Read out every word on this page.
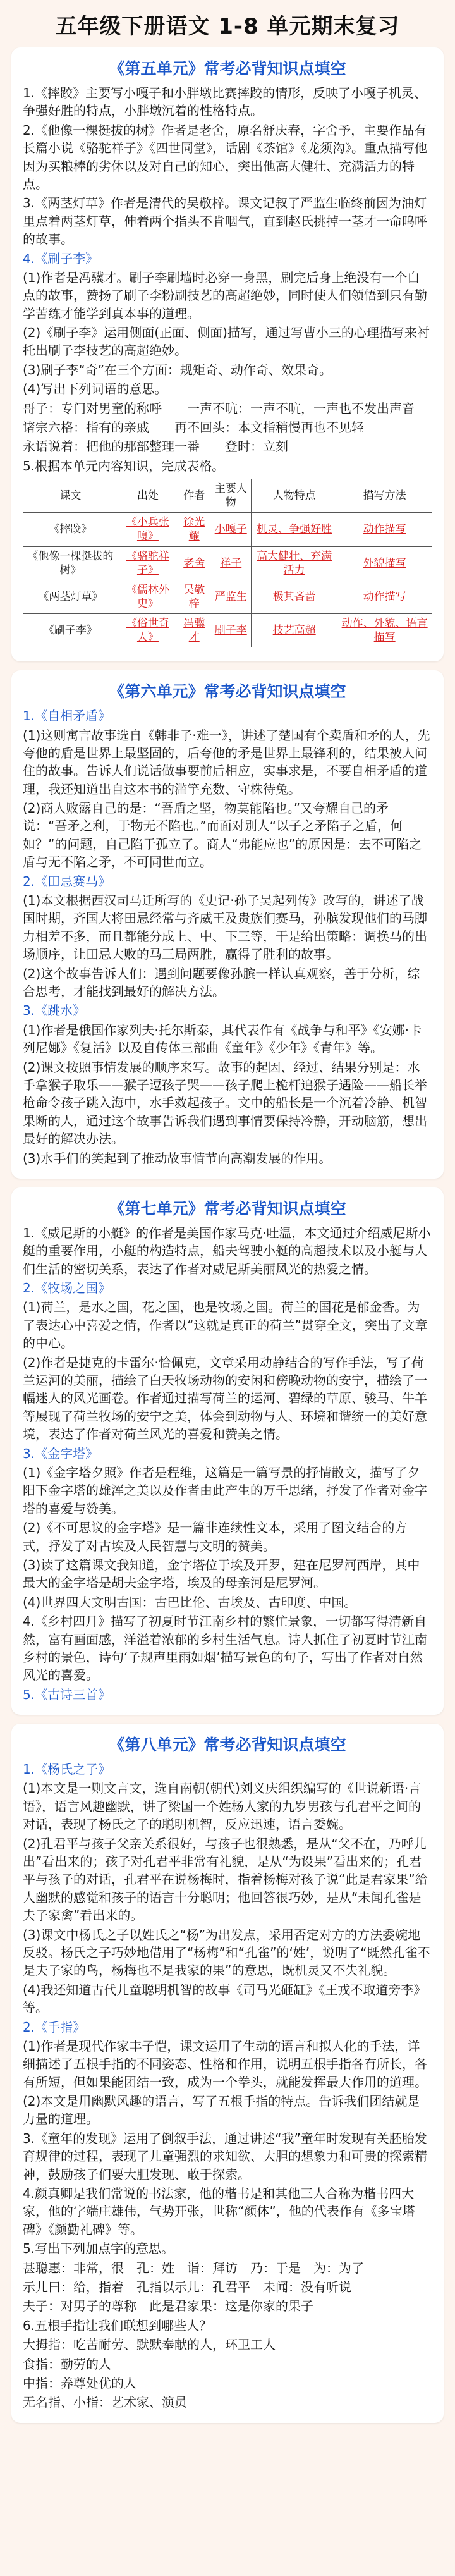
五年级下册语文 1-8 单元期末复习
《第五单元》常考必背知识点填空
1.《摔跤》主要写小嘎子和小胖墩比赛摔跤的情形，反映了小嘎子机灵、争强好胜的特点，小胖墩沉着的性格特点。
2.《他像一棵挺拔的树》作者是老舍，原名舒庆春，字舍予，主要作品有长篇小说《骆驼祥子》《四世同堂》，话剧《茶馆》《龙须沟》。重点描写他因为买粮棒的劣休以及对自己的知心，突出他高大健壮、充满活力的特点。
3.《两茎灯草》作者是清代的吴敬梓。课文记叙了严监生临终前因为油灯里点着两茎灯草，伸着两个指头不肯咽气，直到赵氏挑掉一茎才一命呜呼的故事。
4.《刷子李》
(1)作者是冯骥才。刷子李刷墙时必穿一身黑，刷完后身上绝没有一个白点的故事，赞扬了刷子李粉刷技艺的高超绝妙，同时使人们领悟到只有勤学苦练才能学到真本事的道理。
(2)《刷子李》运用侧面(正面、侧面)描写，通过写曹小三的心理描写来衬托出刷子李技艺的高超绝妙。
(3)刷子李“奇”在三个方面：规矩奇、动作奇、效果奇。
(4)写出下列词语的意思。
哥子：专门对男童的称呼　　一声不吭：一声不吭，一声也不发出声音
诸宗六格：指有的亲戚　　再不回头：本文指稍慢再也不见轻
永语说着：把他的那部整理一番　　登时：立刻
5.根据本单元内容知识，完成表格。
课文	出处	作者	主要人物	人物特点	描写方法
《摔跤》	《小兵张嘎》	徐光耀	小嘎子	机灵、争强好胜	动作描写
《他像一棵挺拔的树》	《骆驼祥子》	老舍	祥子	高大健壮、充满活力	外貌描写
《两茎灯草》	《儒林外史》	吴敬梓	严监生	极其吝啬	动作描写
《刷子李》	《俗世奇人》	冯骥才	刷子李	技艺高超	动作、外貌、语言描写
《第六单元》常考必背知识点填空
1.《自相矛盾》
(1)这则寓言故事选自《韩非子·难一》，讲述了楚国有个卖盾和矛的人，先夸他的盾是世界上最坚固的，后夸他的矛是世界上最锋利的，结果被人问住的故事。告诉人们说话做事要前后相应，实事求是，不要自相矛盾的道理，我还知道出自这本书的滥竽充数、守株待兔。
(2)商人败露自己的是：“吾盾之坚，物莫能陷也。”又夸耀自己的矛说：“吾矛之利，于物无不陷也。”而面对别人“以子之矛陷子之盾，何如？”的问题，自己陷于孤立了。商人“弗能应也”的原因是：去不可陷之盾与无不陷之矛，不可同世而立。
2.《田忌赛马》
(1)本文根据西汉司马迁所写的《史记·孙子吴起列传》改写的，讲述了战国时期，齐国大将田忌经常与齐威王及贵族们赛马，孙膑发现他们的马脚力相差不多，而且都能分成上、中、下三等，于是给出策略：调换马的出场顺序，让田忌大败的马三局两胜，赢得了胜利的故事。
(2)这个故事告诉人们：遇到问题要像孙膑一样认真观察，善于分析，综合思考，才能找到最好的解决方法。
3.《跳水》
(1)作者是俄国作家列夫·托尔斯泰，其代表作有《战争与和平》《安娜·卡列尼娜》《复活》以及自传体三部曲《童年》《少年》《青年》等。
(2)课文按照事情发展的顺序来写。故事的起因、经过、结果分别是：水手拿猴子取乐——猴子逗孩子哭——孩子爬上桅杆追猴子遇险——船长举枪命令孩子跳入海中，水手救起孩子。文中的船长是一个沉着冷静、机智果断的人，通过这个故事告诉我们遇到事情要保持冷静，开动脑筋，想出最好的解决办法。
(3)水手们的笑起到了推动故事情节向高潮发展的作用。
《第七单元》常考必背知识点填空
1.《威尼斯的小艇》的作者是美国作家马克·吐温，本文通过介绍威尼斯小艇的重要作用，小艇的构造特点，船夫驾驶小艇的高超技术以及小艇与人们生活的密切关系，表达了作者对威尼斯美丽风光的热爱之情。
2.《牧场之国》
(1)荷兰，是水之国，花之国，也是牧场之国。荷兰的国花是郁金香。为了表达心中喜爱之情，作者以“这就是真正的荷兰”贯穿全文，突出了文章的中心。
(2)作者是捷克的卡雷尔·恰佩克，文章采用动静结合的写作手法，写了荷兰运河的美丽，描绘了白天牧场动物的安闲和傍晚动物的安宁，描绘了一幅迷人的风光画卷。作者通过描写荷兰的运河、碧绿的草原、骏马、牛羊等展现了荷兰牧场的安宁之美，体会到动物与人、环境和谐统一的美好意境，表达了作者对荷兰风光的喜爱和赞美之情。
3.《金字塔》
(1)《金字塔夕照》作者是程维，这篇是一篇写景的抒情散文，描写了夕阳下金字塔的雄浑之美以及作者由此产生的万千思绪，抒发了作者对金字塔的喜爱与赞美。
(2)《不可思议的金字塔》是一篇非连续性文本，采用了图文结合的方式，抒发了对古埃及人民智慧与文明的赞美。
(3)读了这篇课文我知道，金字塔位于埃及开罗，建在尼罗河西岸，其中最大的金字塔是胡夫金字塔，埃及的母亲河是尼罗河。
(4)世界四大文明古国：古巴比伦、古埃及、古印度、中国。
4.《乡村四月》描写了初夏时节江南乡村的繁忙景象，一切都写得清新自然，富有画面感，洋溢着浓郁的乡村生活气息。诗人抓住了初夏时节江南乡村的景色，诗句‘子规声里雨如烟’描写景色的句子，写出了作者对自然风光的喜爱。
5.《古诗三首》
《第八单元》常考必背知识点填空
1.《杨氏之子》
(1)本文是一则文言文，选自南朝(朝代)刘义庆组织编写的《世说新语·言语》，语言风趣幽默，讲了梁国一个姓杨人家的九岁男孩与孔君平之间的对话，表现了杨氏之子的聪明机智，反应迅速，语言委婉。
(2)孔君平与孩子父亲关系很好，与孩子也很熟悉，是从“父不在，乃呼儿出”看出来的；孩子对孔君平非常有礼貌，是从“为设果”看出来的；孔君平与孩子的对话，孔君平在说杨梅时，指着杨梅对孩子说“此是君家果”给人幽默的感觉和孩子的语言十分聪明；他回答很巧妙，是从“未闻孔雀是夫子家禽”看出来的。
(3)课文中杨氏之子以姓氏之“杨”为出发点，采用否定对方的方法委婉地反驳。杨氏之子巧妙地借用了“杨梅”和“孔雀”的‘姓’，说明了“既然孔雀不是夫子家的鸟，杨梅也不是我家的果”的意思，既机灵又不失礼貌。
(4)我还知道古代儿童聪明机智的故事《司马光砸缸》《王戎不取道旁李》等。
2.《手指》
(1)作者是现代作家丰子恺，课文运用了生动的语言和拟人化的手法，详细描述了五根手指的不同姿态、性格和作用，说明五根手指各有所长，各有所短，但如果能团结一致，成为一个拳头，就能发挥最大作用的道理。
(2)本文是用幽默风趣的语言，写了五根手指的特点。告诉我们团结就是力量的道理。
3.《童年的发现》运用了倒叙手法，通过讲述“我”童年时发现有关胚胎发育规律的过程，表现了儿童强烈的求知欲、大胆的想象力和可贵的探索精神，鼓励孩子们要大胆发现、敢于探索。
4.颜真卿是我们常说的书法家，他的楷书是和其他三人合称为楷书四大家，他的字端庄雄伟，气势开张，世称“颜体”，他的代表作有《多宝塔碑》《颜勤礼碑》等。
5.写出下列加点字的意思。
甚聪惠：非常，很　孔：姓　诣：拜访　乃：于是　为：为了
示儿曰：给，指着　孔指以示儿：孔君平　未闻：没有听说
夫子：对男子的尊称　此是君家果：这是你家的果子
6.五根手指让我们联想到哪些人？
大拇指：吃苦耐劳、默默奉献的人，环卫工人
食指：勤劳的人
中指：养尊处优的人
无名指、小指：艺术家、演员
